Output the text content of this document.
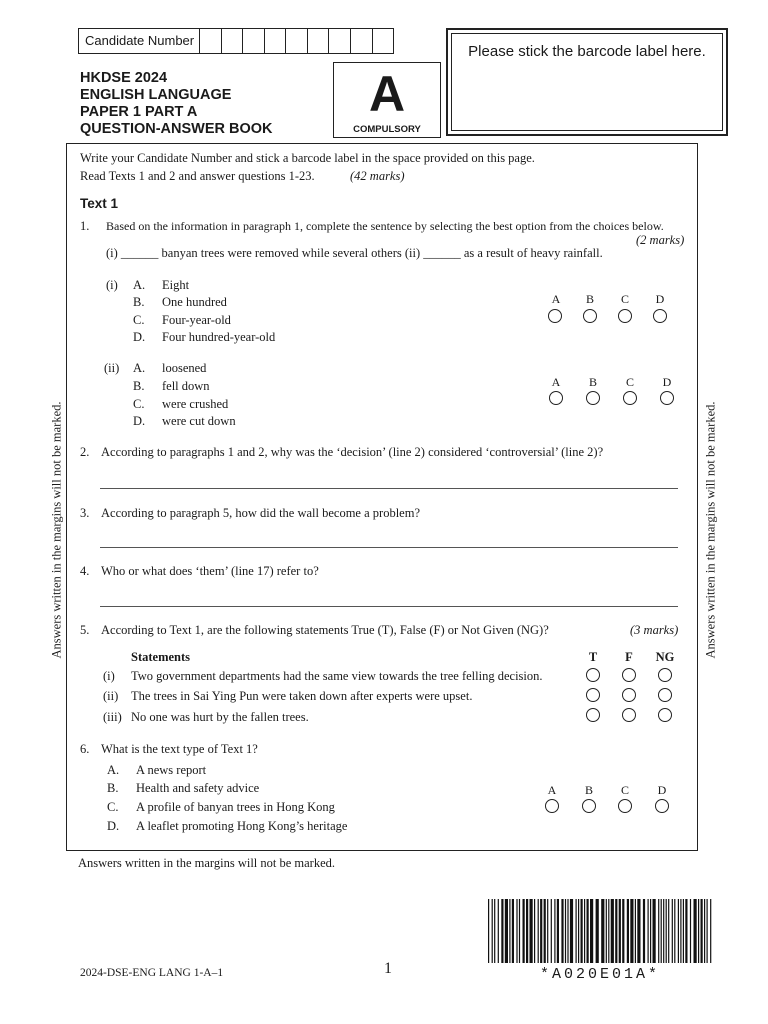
Candidate Number
Please stick the barcode label here.
HKDSE 2024
ENGLISH LANGUAGE
PAPER 1 PART A
QUESTION-ANSWER BOOK
A
COMPULSORY
Write your Candidate Number and stick a barcode label in the space provided on this page.
Read Texts 1 and 2 and answer questions 1-23.	(42 marks)
Text 1
1. Based on the information in paragraph 1, complete the sentence by selecting the best option from the choices below.
(2 marks)
(i) ______ banyan trees were removed while several others (ii) ______ as a result of heavy rainfall.
(i) A. Eight
B. One hundred
C. Four-year-old
D. Four hundred-year-old
A B C D
(ii) A. loosened
B. fell down
C. were crushed
D. were cut down
A B C D
2. According to paragraphs 1 and 2, why was the ‘decision’ (line 2) considered ‘controversial’ (line 2)?
3. According to paragraph 5, how did the wall become a problem?
4. Who or what does ‘them’ (line 17) refer to?
5. According to Text 1, are the following statements True (T), False (F) or Not Given (NG)?	(3 marks)
Statements	T F NG
(i) Two government departments had the same view towards the tree felling decision.
(ii) The trees in Sai Ying Pun were taken down after experts were upset.
(iii) No one was hurt by the fallen trees.
6. What is the text type of Text 1?
A. A news report
B. Health and safety advice
C. A profile of banyan trees in Hong Kong
D. A leaflet promoting Hong Kong’s heritage
A B C D
Answers written in the margins will not be marked.
Answers written in the margins will not be marked.	Answers written in the margins will not be marked.
2024-DSE-ENG LANG 1-A–1	1	*A020E01A*
